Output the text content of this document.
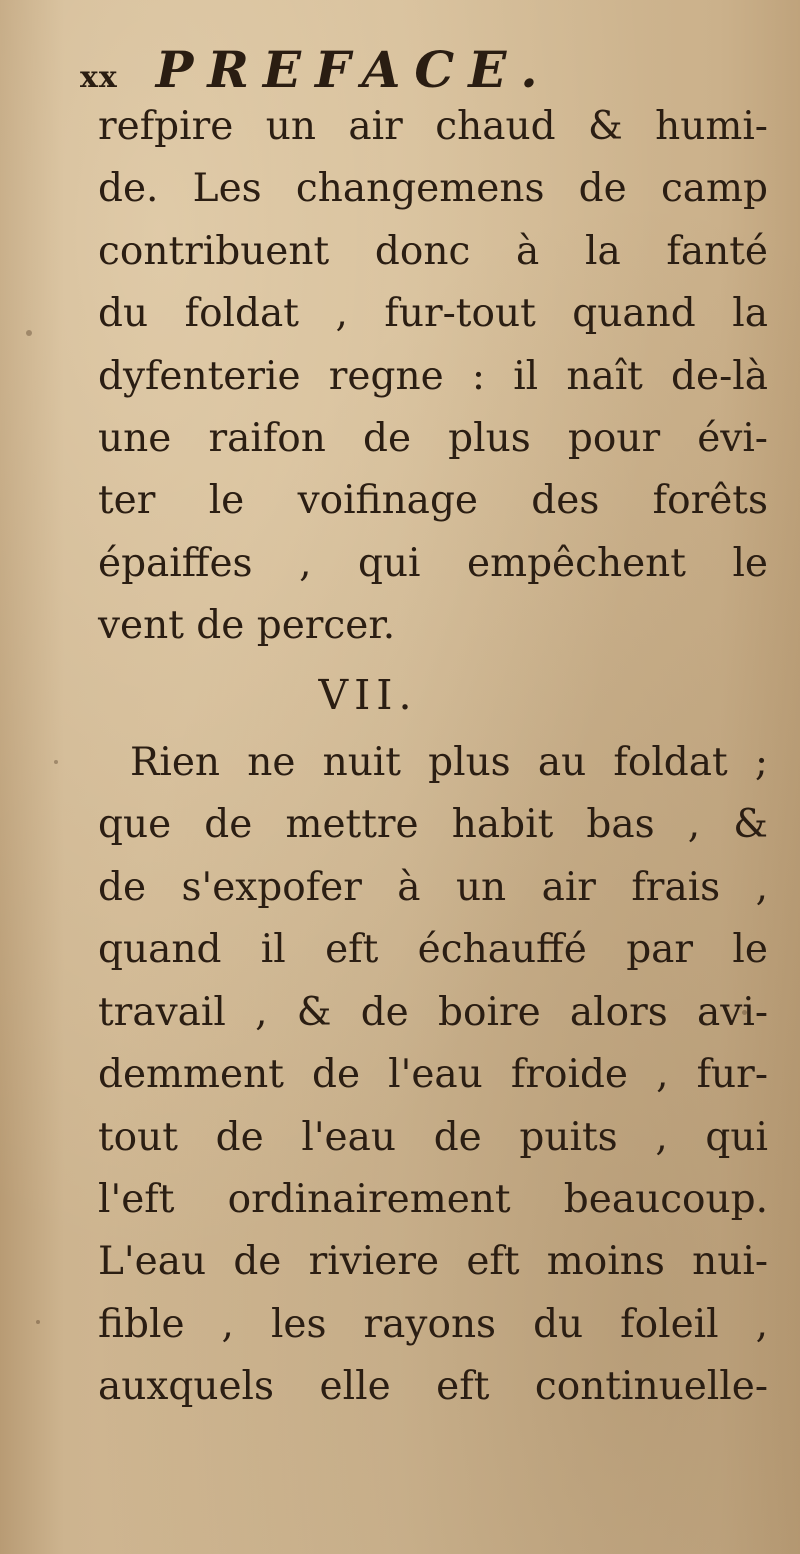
xx PREFACE.
refpire un air chaud & humi-
de. Les changemens de camp
contribuent donc à la fanté
du foldat , fur-tout quand la
dyfenterie regne : il naît de-là
une raifon de plus pour évi-
ter le voifinage des forêts
épaiffes , qui empêchent le
vent de percer.
VII.
Rien ne nuit plus au foldat ;
que de mettre habit bas , &
de s'expofer à un air frais ,
quand il eft échauffé par le
travail , & de boire alors avi-
demment de l'eau froide , fur-
tout de l'eau de puits , qui
l'eft ordinairement beaucoup.
L'eau de riviere eft moins nui-
fible , les rayons du foleil ,
auxquels elle eft continuelle-
